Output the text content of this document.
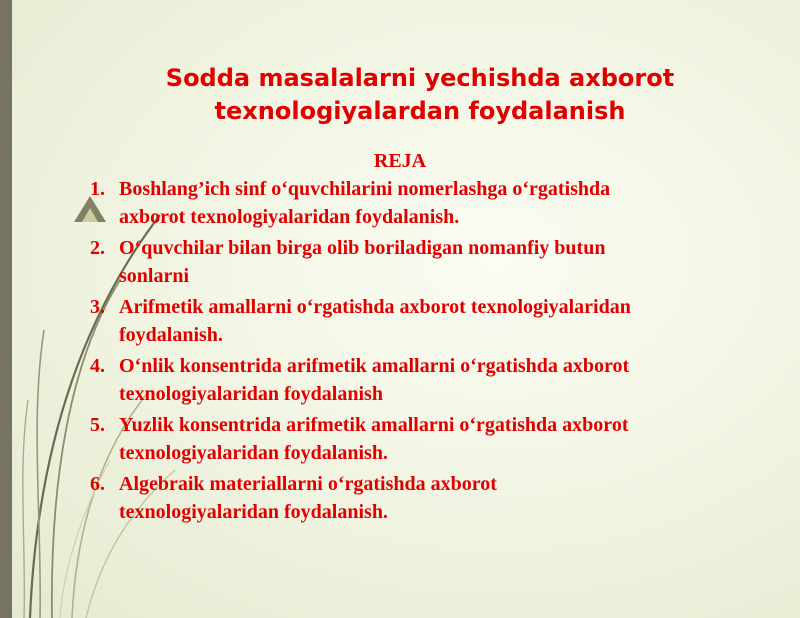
Sodda masalalarni yechishda axborot texnologiyalardan foydalanish
REJA
1. Boshlang’ich sinf o‘quvchilarini nomerlashga o‘rgatishda axborot texnologiyalaridan foydalanish.
2. O‘quvchilar bilan birga olib boriladigan nomanfiy butun sonlarni
3. Arifmetik amallarni o‘rgatishda axborot texnologiyalaridan foydalanish.
4. O‘nlik konsentrida arifmetik amallarni o‘rgatishda axborot texnologiyalaridan foydalanish
5. Yuzlik konsentrida arifmetik amallarni o‘rgatishda axborot texnologiyalaridan foydalanish.
6. Algebraik materiallarni o‘rgatishda axborot texnologiyalaridan foydalanish.
